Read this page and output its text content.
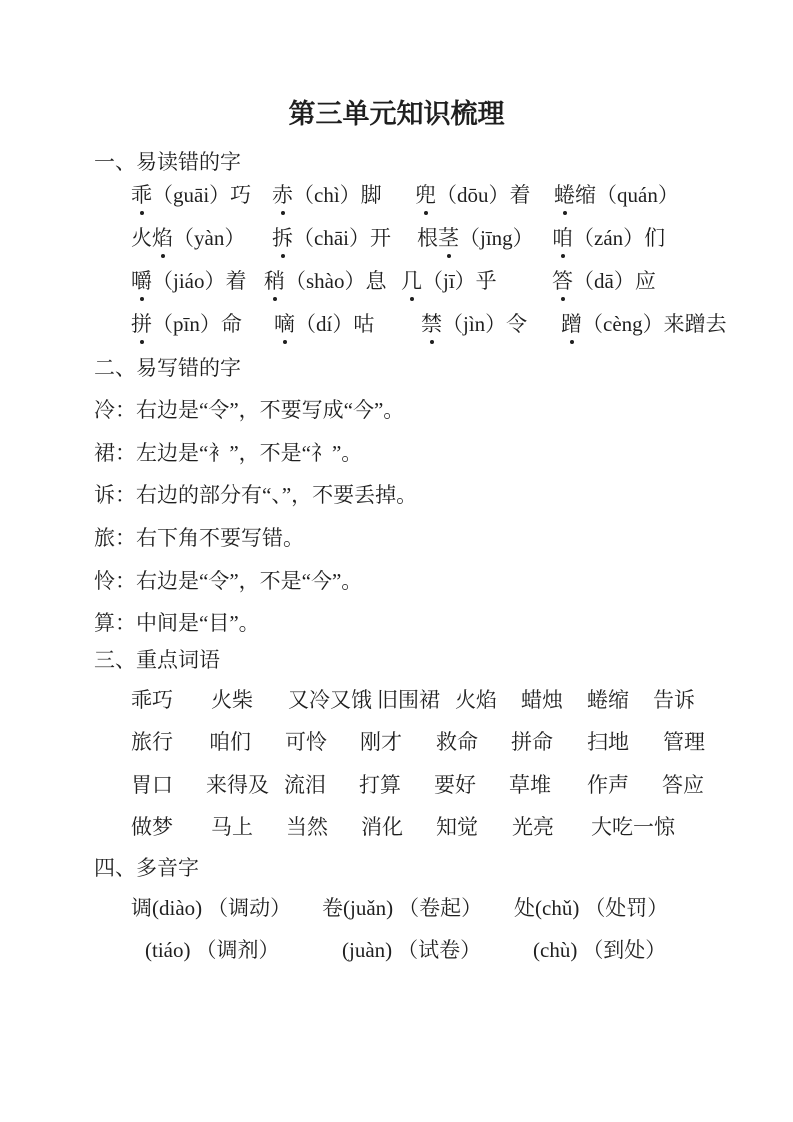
第三单元知识梳理
一、易读错的字
乖（guāi）巧 赤（chì）脚 兜（dōu）着 蜷缩（quán）
火焰（yàn） 拆（chāi）开 根茎（jīng） 咱（zán）们
嚼（jiáo）着 稍（shào）息 几（jī）乎	答（dā）应
拼（pīn）命 嘀（dí）咕 禁（jìn）令 蹭（cèng）来蹭去
二、易写错的字
冷：右边是“令”，不要写成“今”。
裙：左边是“衤”，不是“礻”。
诉：右边的部分有“、”，不要丢掉。
旅：右下角不要写错。
怜：右边是“令”，不是“今”。
算：中间是“目”。
三、重点词语
乖巧 火柴 又冷又饿 旧围裙 火焰 蜡烛 蜷缩 告诉
旅行 咱们 可怜 刚才 救命 拼命 扫地 管理
胃口 来得及 流泪 打算 要好 草堆 作声 答应
做梦 马上 当然 消化 知觉 光亮 大吃一惊
四、多音字
调(diào) （调动） 卷(juǎn) （卷起） 处(chǔ) （处罚）
(tiáo) （调剂）	(juàn) （试卷） (chù) （到处）
